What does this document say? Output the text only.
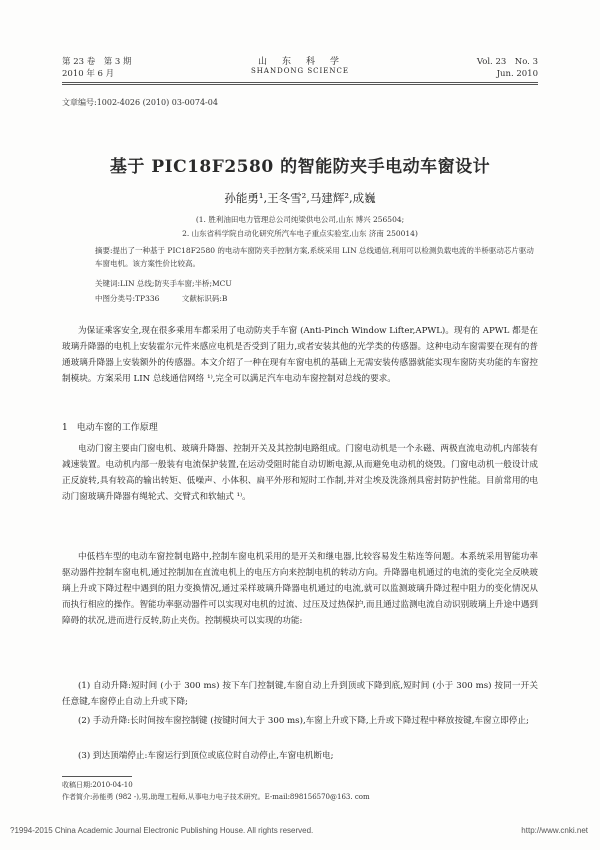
第 23 卷　第 3 期
2010 年 6 月
山　东　科　学
SHANDONG SCIENCE
Vol. 23　No. 3
Jun. 2010
文章编号:1002-4026 (2010) 03-0074-04
基于 PIC18F2580 的智能防夹手电动车窗设计
孙能勇¹,王冬雪²,马建辉²,成巍
(1. 胜利油田电力管理总公司纯梁供电公司,山东 博兴 256504;
2. 山东省科学院自动化研究所汽车电子重点实验室,山东 济南 250014)
摘要:提出了一种基于 PIC18F2580 的电动车窗防夹手控制方案,系统采用 LIN 总线通信,利用可以检测负载电流的半桥驱动芯片驱动车窗电机。该方案性价比较高。
关键词:LIN 总线;防夹手车窗;半桥;MCU
中图分类号:TP336　　　文献标识码:B
为保证乘客安全,现在很多乘用车都采用了电动防夹手车窗 (Anti-Pinch Window Lifter,APWL)。现有的 APWL 都是在玻璃升降器的电机上安装霍尔元件来感应电机是否受到了阻力,或者安装其他的光学类的传感器。这种电动车窗需要在现有的普通玻璃升降器上安装额外的传感器。本文介绍了一种在现有车窗电机的基础上无需安装传感器就能实现车窗防夹功能的车窗控制模块。方案采用 LIN 总线通信网络 ¹⁾,完全可以满足汽车电动车窗控制对总线的要求。
1　电动车窗的工作原理
电动门窗主要由门窗电机、玻璃升降器、控制开关及其控制电路组成。门窗电动机是一个永磁、两极直流电动机,内部装有减速装置。电动机内部一般装有电流保护装置,在运动受阻时能自动切断电源,从而避免电动机的烧毁。门窗电动机一般设计成正反旋转,具有较高的输出转矩、低噪声、小体积、扁平外形和短时工作制,并对尘埃及洗涤剂具密封防护性能。目前常用的电动门窗玻璃升降器有绳轮式、交臂式和软轴式 ¹⁾。
中低档车型的电动车窗控制电路中,控制车窗电机采用的是开关和继电器,比较容易发生粘连等问题。本系统采用智能功率驱动器件控制车窗电机,通过控制加在直流电机上的电压方向来控制电机的转动方向。升降器电机通过的电流的变化完全反映玻璃上升或下降过程中遇到的阻力变换情况,通过采样玻璃升降器电机通过的电流,就可以监测玻璃升降过程中阻力的变化情况从而执行相应的操作。智能功率驱动器件可以实现对电机的过流、过压及过热保护,而且通过监测电流自动识别玻璃上升途中遇到障碍的状况,进而进行反转,防止夹伤。控制模块可以实现的功能:
(1) 自动升降:短时间 (小于 300 ms) 按下车门控制键,车窗自动上升到顶或下降到底,短时间 (小于 300 ms) 按同一开关任意键,车窗停止自动上升或下降;
(2) 手动升降:长时间按车窗控制键 (按键时间大于 300 ms),车窗上升或下降,上升或下降过程中释放按键,车窗立即停止;
(3) 到达顶端停止:车窗运行到顶位或底位时自动停止,车窗电机断电;
收稿日期:2010-04-10
作者简介:孙能勇 (982 -),男,助理工程师,从事电力电子技术研究。E-mail:898156570@163. com
?1994-2015 China Academic Journal Electronic Publishing House. All rights reserved.	http://www.cnki.net
